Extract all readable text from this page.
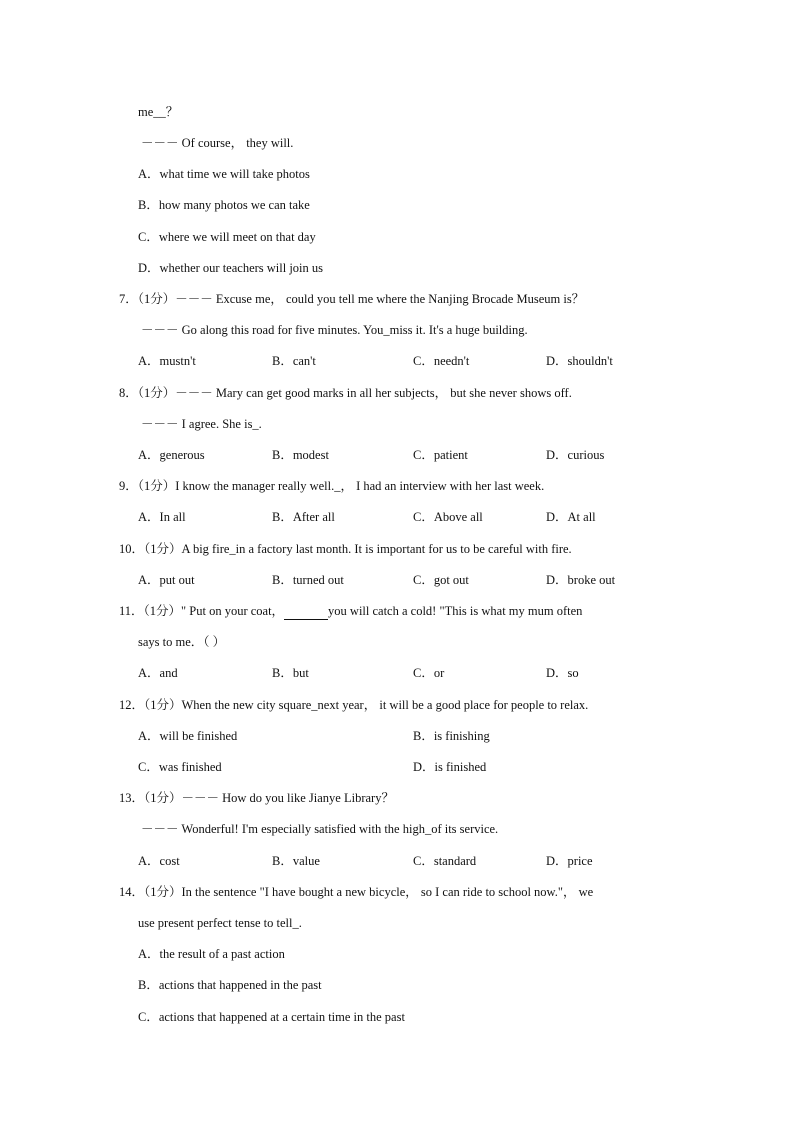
me__？
－－－ Of course， they will.
A．what time we will take photos
B．how many photos we can take
C．where we will meet on that day
D．whether our teachers will join us
7．（1分）－－－ Excuse me， could you tell me where the Nanjing Brocade Museum is？
－－－ Go along this road for five minutes. You_miss it. It's a huge building.
A．mustn't	B．can't	C．needn't	D．shouldn't
8．（1分）－－－ Mary can get good marks in all her subjects， but she never shows off.
－－－ I agree. She is_.
A．generous	B．modest	C．patient	D．curious
9．（1分）I know the manager really well._， I had an interview with her last week.
A．In all	B．After all	C．Above all	D．At all
10．（1分）A big fire_in a factory last month. It is important for us to be careful with fire.
A．put out	B．turned out	C．got out	D．broke out
11．（1分）" Put on your coat，	you will catch a cold! "This is what my mum often
says to me．（ ）
A．and	B．but	C．or	D．so
12．（1分）When the new city square_next year， it will be a good place for people to relax.
A．will be finished	B．is finishing
C．was finished	D．is finished
13．（1分）－－－ How do you like Jianye Library？
－－－ Wonderful! I'm especially satisfied with the high_of its service.
A．cost	B．value	C．standard	D．price
14．（1分）In the sentence "I have bought a new bicycle， so I can ride to school now."， we
use present perfect tense to tell_.
A．the result of a past action
B．actions that happened in the past
C．actions that happened at a certain time in the past
